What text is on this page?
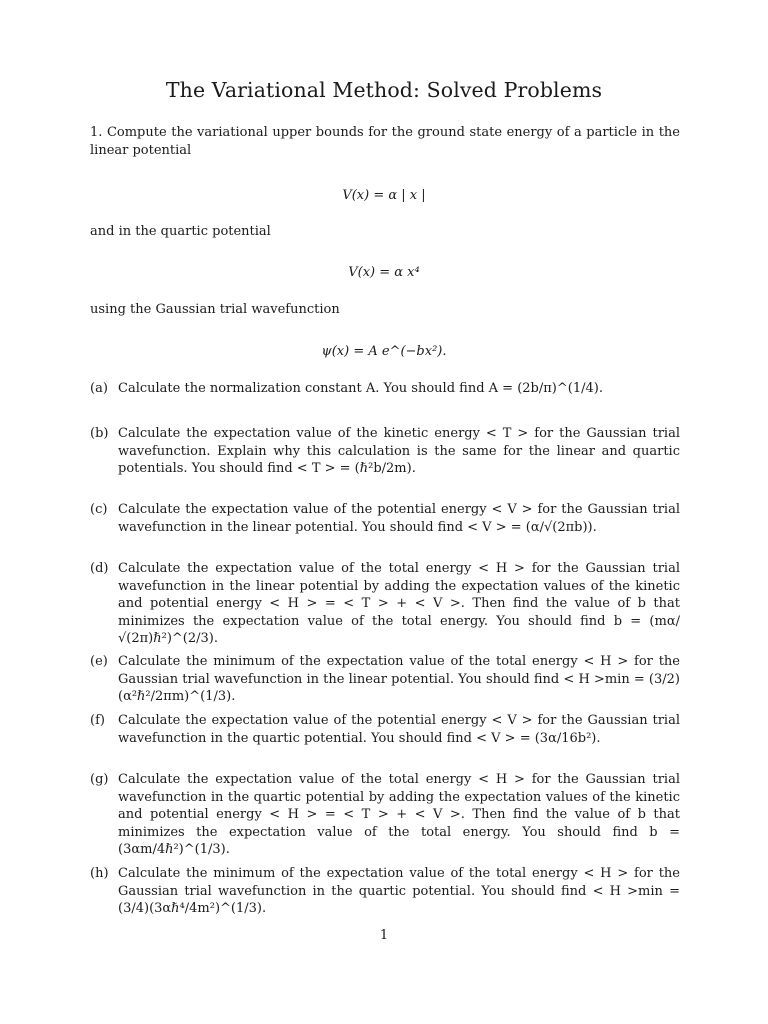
The Variational Method: Solved Problems
1. Compute the variational upper bounds for the ground state energy of a particle in the linear potential
V(x) = α | x |
and in the quartic potential
V(x) = α x⁴
using the Gaussian trial wavefunction
ψ(x) = A e^(−bx²).
(a) Calculate the normalization constant A. You should find A = (2b/π)^(1/4).
(b) Calculate the expectation value of the kinetic energy < T > for the Gaussian trial wavefunction. Explain why this calculation is the same for the linear and quartic potentials. You should find < T > = (ℏ²b/2m).
(c) Calculate the expectation value of the potential energy < V > for the Gaussian trial wavefunction in the linear potential. You should find < V > = (α/√(2πb)).
(d) Calculate the expectation value of the total energy < H > for the Gaussian trial wavefunction in the linear potential by adding the expectation values of the kinetic and potential energy < H > = < T > + < V >. Then find the value of b that minimizes the expectation value of the total energy. You should find b = (mα/√(2π)ℏ²)^(2/3).
(e) Calculate the minimum of the expectation value of the total energy < H > for the Gaussian trial wavefunction in the linear potential. You should find < H >min = (3/2)(α²ℏ²/2πm)^(1/3).
(f) Calculate the expectation value of the potential energy < V > for the Gaussian trial wavefunction in the quartic potential. You should find < V > = (3α/16b²).
(g) Calculate the expectation value of the total energy < H > for the Gaussian trial wavefunction in the quartic potential by adding the expectation values of the kinetic and potential energy < H > = < T > + < V >. Then find the value of b that minimizes the expectation value of the total energy. You should find b = (3αm/4ℏ²)^(1/3).
(h) Calculate the minimum of the expectation value of the total energy < H > for the Gaussian trial wavefunction in the quartic potential. You should find < H >min = (3/4)(3αℏ⁴/4m²)^(1/3).
1
